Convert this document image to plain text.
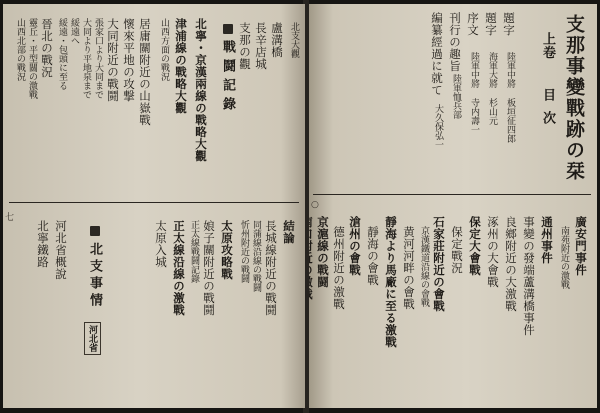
支那事變戰跡の栞
上卷
目次
題字
陸軍中將 板垣征四郎
題字
海軍大將 杉山元
序文
陸軍中將 寺内壽一
刊行の趣旨
陸軍恤兵部
編纂經過に就て
大久保弘一
廣安門事件
南苑附近の激戰
通州事件
事變の發端蘆溝橋事件
良鄉附近の大激戰
涿州の大會戰
保定大會戰
保定戰況
石家莊附近の會戰
京漢鐵道沿線の會戰
黄河河畔の會戰
靜海より馬廠に至る激戰
靜海の會戰
滄州の會戰
德州附近の激戰
京滬線の戰闘
○
北支大觀
盧溝橋
長辛店城
支那の觀
戰鬪記錄
北寧・京漢兩線の戰略大觀
津浦線の戰略大觀
山西方面の戰況
居庸關附近の山嶽戰
懷來平地の攻撃
大同附近の戰鬪
張家口より大同まで
大同より平地泉まで
綏遠へ
綏遠・包頭に至る
晉北の戰況
靈丘・平型關の激戰
山西北部の戰況
結論
長城線附近の戰鬪
同蒲線沿線の戰鬪
忻州附近の戰鬪
太原攻略戰
娘子關附近の戰鬪
正太線戰鬪記錄
正太線沿線の激戰
太原入城
北支事情
河北省
河北省概說
北寧鐵路
七
